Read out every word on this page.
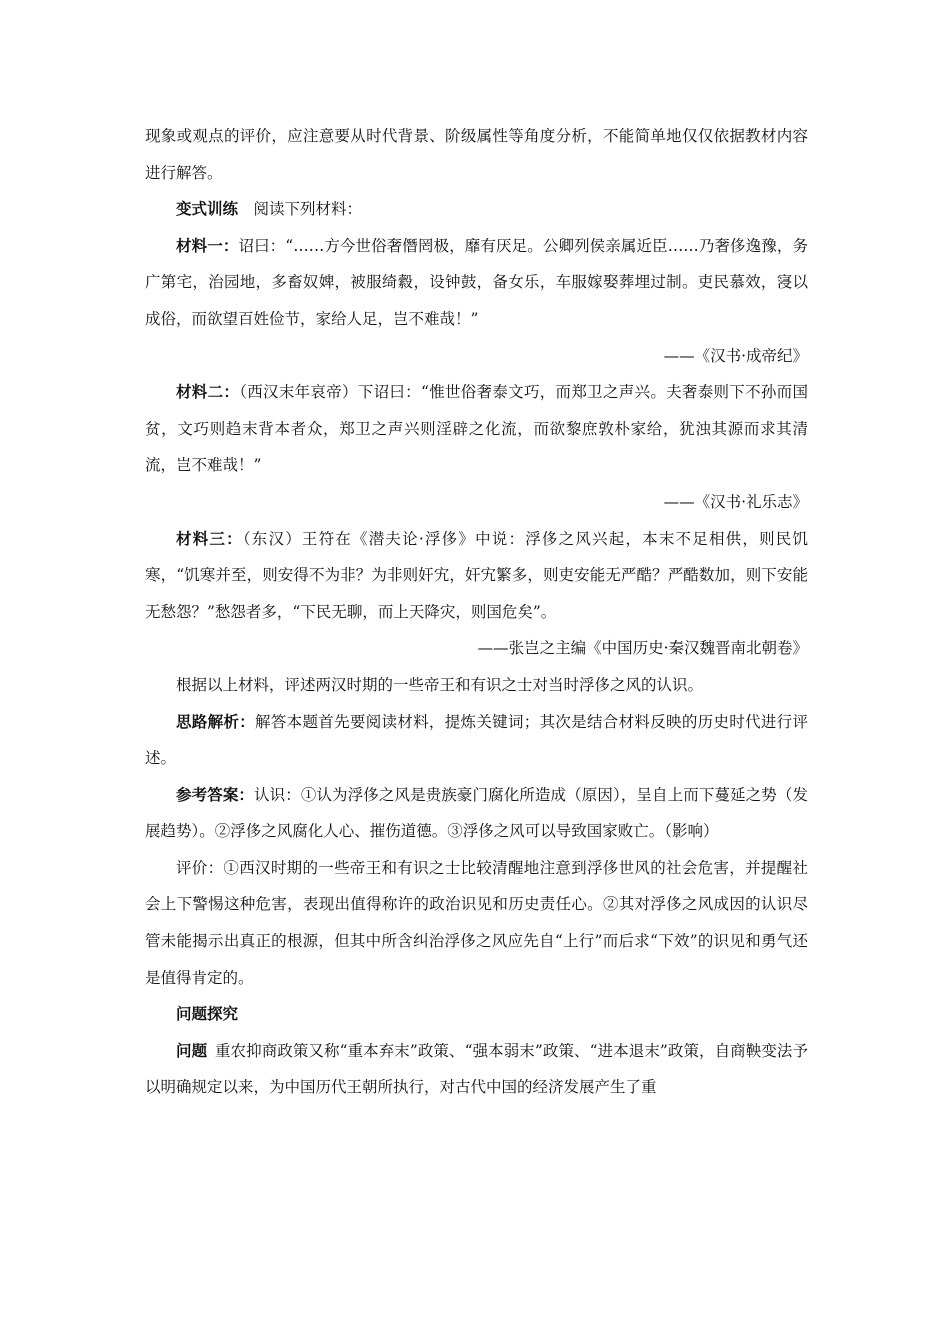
现象或观点的评价，应注意要从时代背景、阶级属性等角度分析，不能简单地仅仅依据教材内容进行解答。

变式训练　 阅读下列材料：

材料一：诏曰：“……方今世俗奢僭罔极，靡有厌足。公卿列侯亲属近臣……乃奢侈逸豫，务广第宅，治园地，多畜奴婢，被服绮縠，设钟鼓，备女乐，车服嫁娶葬埋过制。吏民慕效，寖以成俗，而欲望百姓俭节，家给人足，岂不难哉！”

——《汉书·成帝纪》

材料二：（西汉末年哀帝）下诏曰：“惟世俗奢泰文巧，而郑卫之声兴。夫奢泰则下不孙而国贫，文巧则趋末背本者众，郑卫之声兴则淫辟之化流，而欲黎庶敦朴家给，犹浊其源而求其清流，岂不难哉！”

——《汉书·礼乐志》

材料三：（东汉）王符在《潜夫论·浮侈》中说：浮侈之风兴起，本末不足相供，则民饥寒，“饥寒并至，则安得不为非？为非则奸宄，奸宄繁多，则吏安能无严酷？严酷数加，则下安能无愁怨？”愁怨者多，“下民无聊，而上天降灾，则国危矣”。

——张岂之主编《中国历史·秦汉魏晋南北朝卷》

根据以上材料，评述两汉时期的一些帝王和有识之士对当时浮侈之风的认识。

思路解析：解答本题首先要阅读材料，提炼关键词；其次是结合材料反映的历史时代进行评述。

参考答案：认识：①认为浮侈之风是贵族豪门腐化所造成（原因），呈自上而下蔓延之势（发展趋势）。②浮侈之风腐化人心、摧伤道德。③浮侈之风可以导致国家败亡。（影响）

评价：①西汉时期的一些帝王和有识之士比较清醒地注意到浮侈世风的社会危害，并提醒社会上下警惕这种危害，表现出值得称许的政治识见和历史责任心。②其对浮侈之风成因的认识尽管未能揭示出真正的根源，但其中所含纠治浮侈之风应先自“上行”而后求“下效”的识见和勇气还是值得肯定的。

问题探究

问题  重农抑商政策又称“重本弃末”政策、“强本弱末”政策、“进本退末”政策，自商鞅变法予以明确规定以来，为中国历代王朝所执行，对古代中国的经济发展产生了重
